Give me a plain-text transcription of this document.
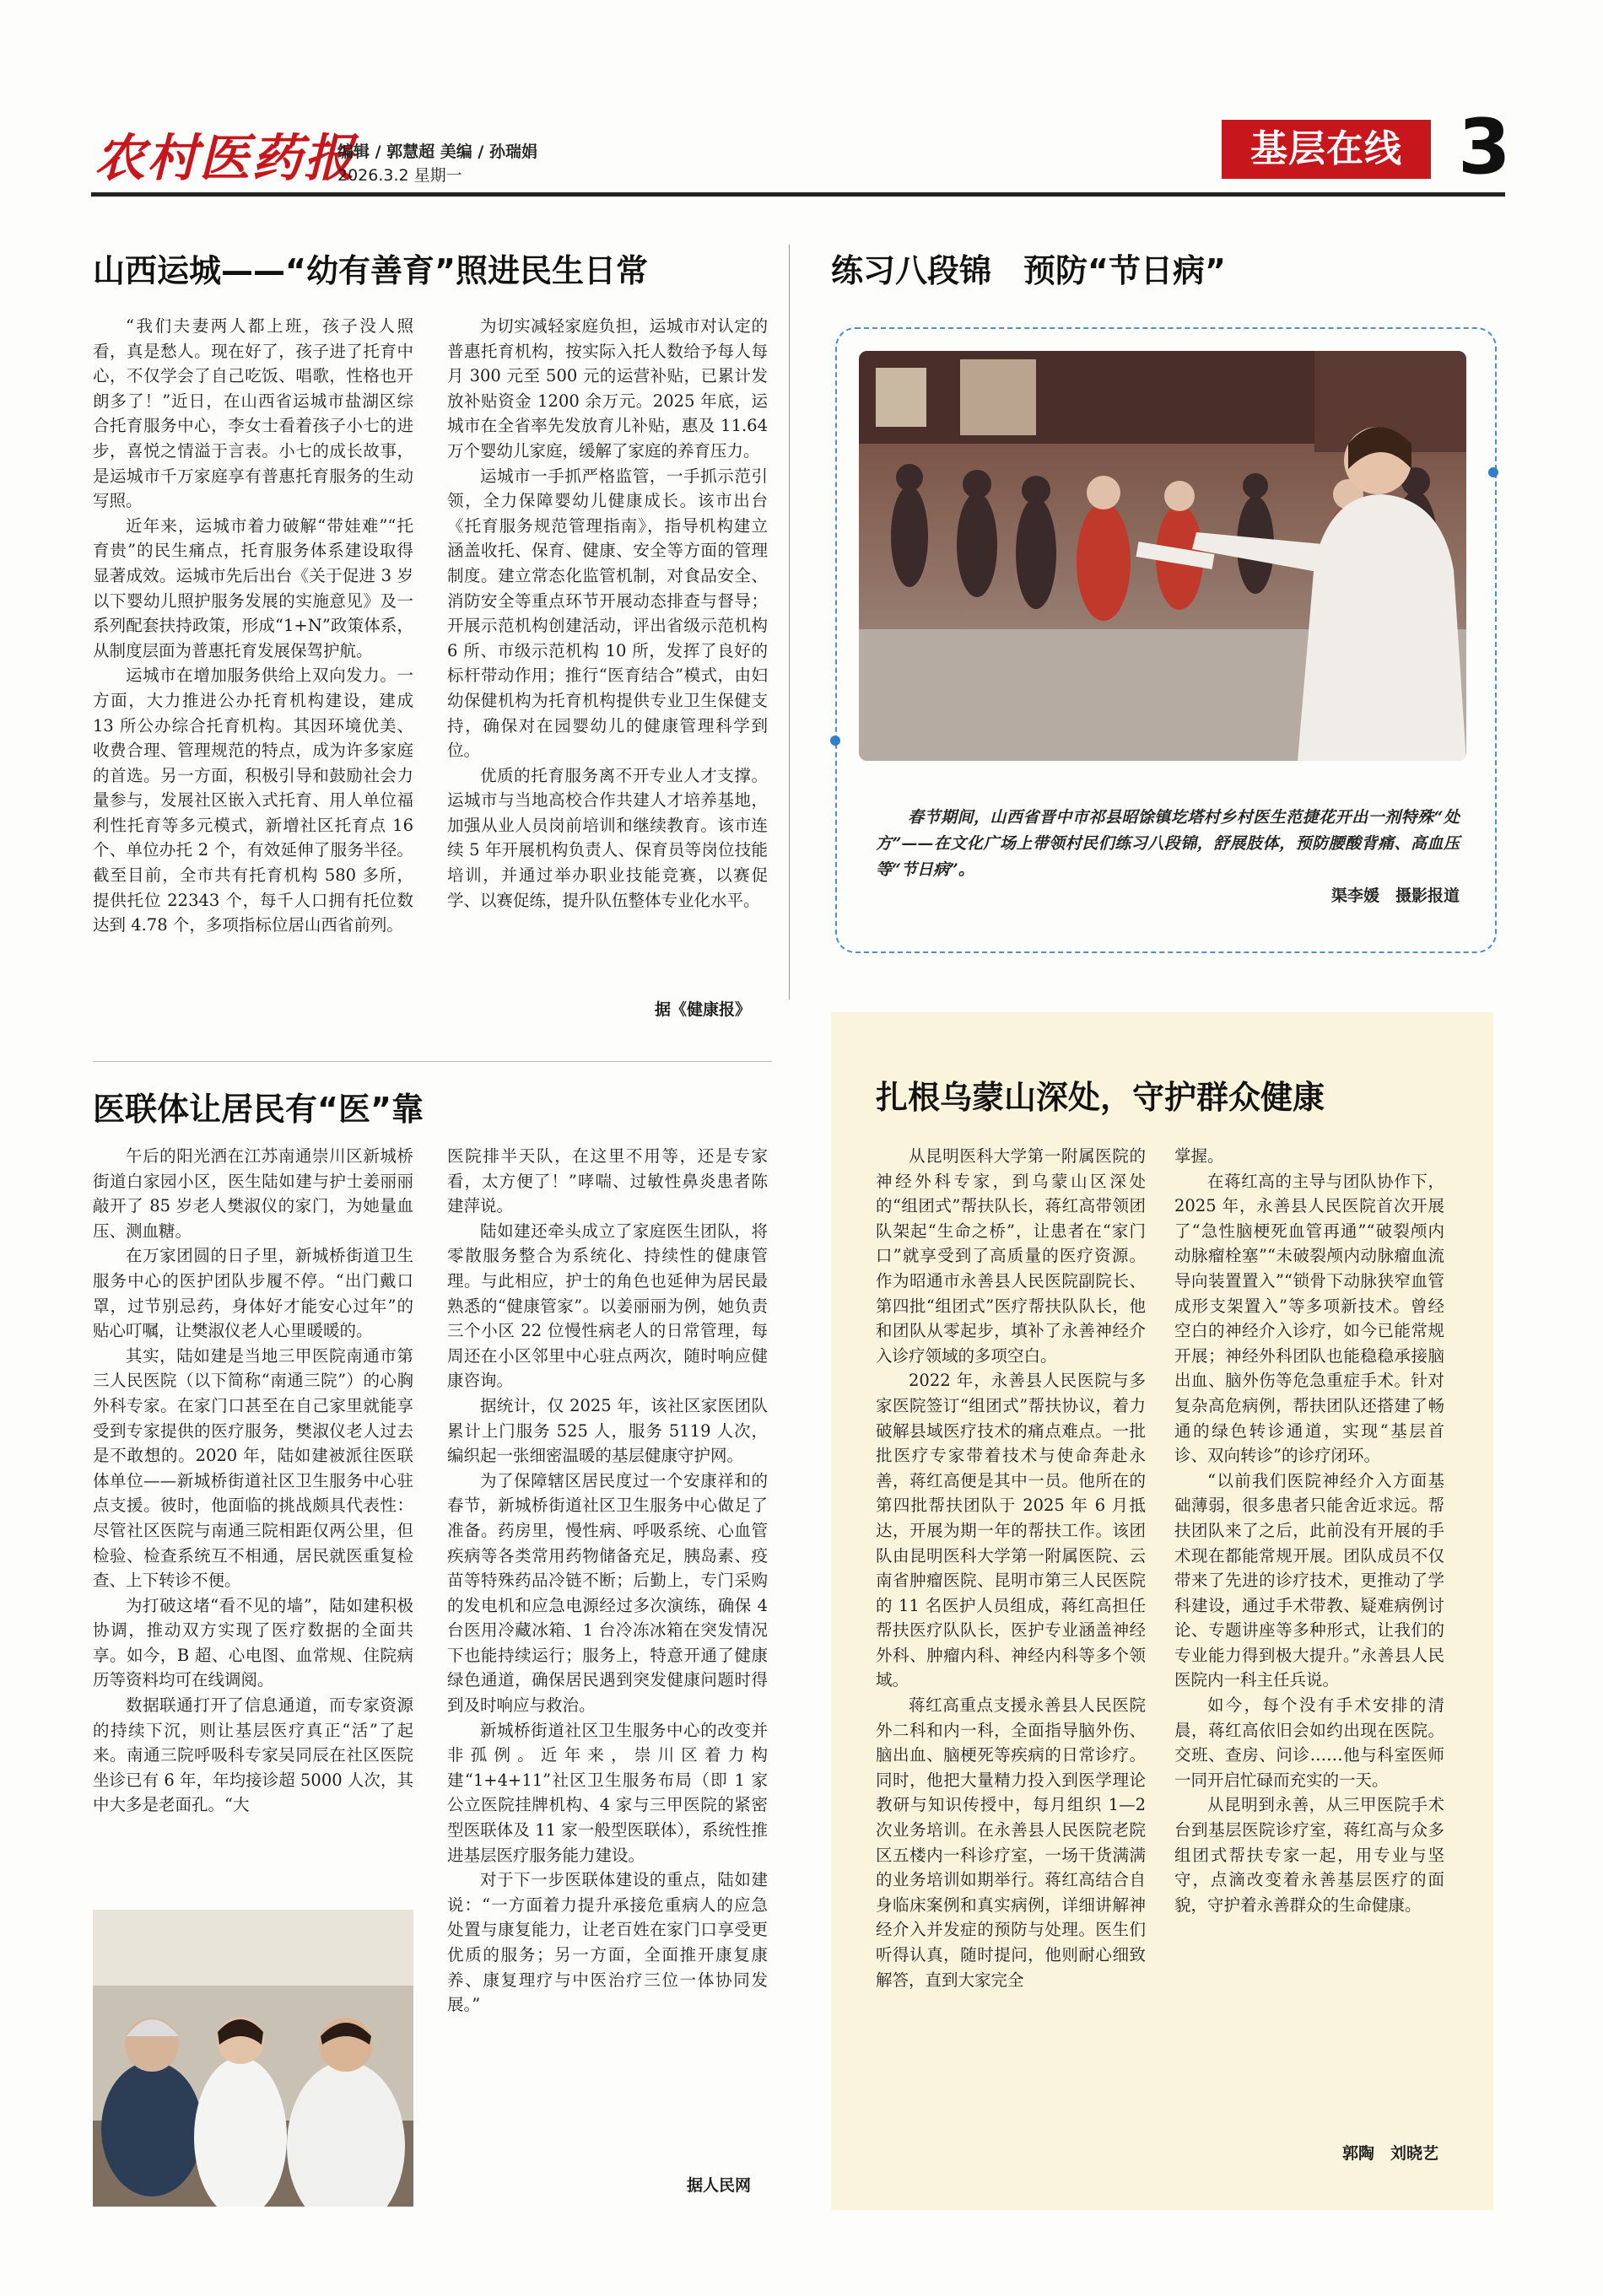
农村医药报
编辑 / 郭慧超 美编 / 孙瑞娟
2026.3.2 星期一
基层在线 3
山西运城——“幼有善育”照进民生日常

“我们夫妻两人都上班，孩子没人照看，真是愁人。现在好了，孩子进了托育中心，不仅学会了自己吃饭、唱歌，性格也开朗多了！”近日，在山西省运城市盐湖区综合托育服务中心，李女士看着孩子小七的进步，喜悦之情溢于言表。小七的成长故事，是运城市千万家庭享有普惠托育服务的生动写照。

近年来，运城市着力破解“带娃难”“托育贵”的民生痛点，托育服务体系建设取得显著成效。运城市先后出台《关于促进 3 岁以下婴幼儿照护服务发展的实施意见》及一系列配套扶持政策，形成“1+N”政策体系，从制度层面为普惠托育发展保驾护航。

运城市在增加服务供给上双向发力。一方面，大力推进公办托育机构建设，建成 13 所公办综合托育机构。其因环境优美、收费合理、管理规范的特点，成为许多家庭的首选。另一方面，积极引导和鼓励社会力量参与，发展社区嵌入式托育、用人单位福利性托育等多元模式，新增社区托育点 16 个、单位办托 2 个，有效延伸了服务半径。截至目前，全市共有托育机构 580 多所，提供托位 22343 个，每千人口拥有托位数达到 4.78 个，多项指标位居山西省前列。

为切实减轻家庭负担，运城市对认定的普惠托育机构，按实际入托人数给予每人每月 300 元至 500 元的运营补贴，已累计发放补贴资金 1200 余万元。2025 年底，运城市在全省率先发放育儿补贴，惠及 11.64 万个婴幼儿家庭，缓解了家庭的养育压力。

运城市一手抓严格监管，一手抓示范引领，全力保障婴幼儿健康成长。该市出台《托育服务规范管理指南》，指导机构建立涵盖收托、保育、健康、安全等方面的管理制度。建立常态化监管机制，对食品安全、消防安全等重点环节开展动态排查与督导；开展示范机构创建活动，评出省级示范机构 6 所、市级示范机构 10 所，发挥了良好的标杆带动作用；推行“医育结合”模式，由妇幼保健机构为托育机构提供专业卫生保健支持，确保对在园婴幼儿的健康管理科学到位。

优质的托育服务离不开专业人才支撑。运城市与当地高校合作共建人才培养基地，加强从业人员岗前培训和继续教育。该市连续 5 年开展机构负责人、保育员等岗位技能培训，并通过举办职业技能竞赛，以赛促学、以赛促练，提升队伍整体专业化水平。

据《健康报》
练习八段锦　预防“节日病”

春节期间，山西省晋中市祁县昭馀镇圪塔村乡村医生范捷花开出一剂特殊“处方”——在文化广场上带领村民们练习八段锦，舒展肢体，预防腰酸背痛、高血压等“节日病”。

渠李媛　 摄影报道
医联体让居民有“医”靠

午后的阳光洒在江苏南通崇川区新城桥街道白家园小区，医生陆如建与护士姜丽丽敲开了 85 岁老人樊淑仪的家门，为她量血压、测血糖。

在万家团圆的日子里，新城桥街道卫生服务中心的医护团队步履不停。“出门戴口罩，过节别忌药，身体好才能安心过年”的贴心叮嘱，让樊淑仪老人心里暖暖的。

其实，陆如建是当地三甲医院南通市第三人民医院（以下简称“南通三院”）的心胸外科专家。在家门口甚至在自己家里就能享受到专家提供的医疗服务，樊淑仪老人过去是不敢想的。2020 年，陆如建被派往医联体单位——新城桥街道社区卫生服务中心驻点支援。彼时，他面临的挑战颇具代表性：尽管社区医院与南通三院相距仅两公里，但检验、检查系统互不相通，居民就医重复检查、上下转诊不便。

为打破这堵“看不见的墙”，陆如建积极协调，推动双方实现了医疗数据的全面共享。如今，B 超、心电图、血常规、住院病历等资料均可在线调阅。

数据联通打开了信息通道，而专家资源的持续下沉，则让基层医疗真正“活”了起来。南通三院呼吸科专家吴同辰在社区医院坐诊已有 6 年，年均接诊超 5000 人次，其中大多是老面孔。“大

医院排半天队，在这里不用等，还是专家看，太方便了！”哮喘、过敏性鼻炎患者陈建萍说。

陆如建还牵头成立了家庭医生团队，将零散服务整合为系统化、持续性的健康管理。与此相应，护士的角色也延伸为居民最熟悉的“健康管家”。以姜丽丽为例，她负责三个小区 22 位慢性病老人的日常管理，每周还在小区邻里中心驻点两次，随时响应健康咨询。

据统计，仅 2025 年，该社区家医团队累计上门服务 525 人，服务 5119 人次，编织起一张细密温暖的基层健康守护网。

为了保障辖区居民度过一个安康祥和的春节，新城桥街道社区卫生服务中心做足了准备。药房里，慢性病、呼吸系统、心血管疾病等各类常用药物储备充足，胰岛素、疫苗等特殊药品冷链不断；后勤上，专门采购的发电机和应急电源经过多次演练，确保 4 台医用冷藏冰箱、1 台冷冻冰箱在突发情况下也能持续运行；服务上，特意开通了健康绿色通道，确保居民遇到突发健康问题时得到及时响应与救治。

新城桥街道社区卫生服务中心的改变并非孤例。近年来，崇川区着力构建“1+4+11”社区卫生服务布局（即 1 家公立医院挂牌机构、4 家与三甲医院的紧密型医联体及 11 家一般型医联体），系统性推进基层医疗服务能力建设。

对于下一步医联体建设的重点，陆如建说：“一方面着力提升承接危重病人的应急处置与康复能力，让老百姓在家门口享受更优质的服务；另一方面，全面推开康复康养、康复理疗与中医治疗三位一体协同发展。”

据人民网
扎根乌蒙山深处，守护群众健康

从昆明医科大学第一附属医院的神经外科专家，到乌蒙山区深处的“组团式”帮扶队长，蒋红高带领团队架起“生命之桥”，让患者在“家门口”就享受到了高质量的医疗资源。作为昭通市永善县人民医院副院长、第四批“组团式”医疗帮扶队队长，他和团队从零起步，填补了永善神经介入诊疗领域的多项空白。

2022 年，永善县人民医院与多家医院签订“组团式”帮扶协议，着力破解县域医疗技术的痛点难点。一批批医疗专家带着技术与使命奔赴永善，蒋红高便是其中一员。他所在的第四批帮扶团队于 2025 年 6 月抵达，开展为期一年的帮扶工作。该团队由昆明医科大学第一附属医院、云南省肿瘤医院、昆明市第三人民医院的 11 名医护人员组成，蒋红高担任帮扶医疗队队长，医护专业涵盖神经外科、肿瘤内科、神经内科等多个领域。

蒋红高重点支援永善县人民医院外二科和内一科，全面指导脑外伤、脑出血、脑梗死等疾病的日常诊疗。同时，他把大量精力投入到医学理论教研与知识传授中，每月组织 1—2 次业务培训。在永善县人民医院老院区五楼内一科诊疗室，一场干货满满的业务培训如期举行。蒋红高结合自身临床案例和真实病例，详细讲解神经介入并发症的预防与处理。医生们听得认真，随时提问，他则耐心细致解答，直到大家完全

掌握。

在蒋红高的主导与团队协作下，2025 年，永善县人民医院首次开展了“急性脑梗死血管再通”“破裂颅内动脉瘤栓塞”“未破裂颅内动脉瘤血流导向装置置入”“锁骨下动脉狭窄血管成形支架置入”等多项新技术。曾经空白的神经介入诊疗，如今已能常规开展；神经外科团队也能稳稳承接脑出血、脑外伤等危急重症手术。针对复杂高危病例，帮扶团队还搭建了畅通的绿色转诊通道，实现“基层首诊、双向转诊”的诊疗闭环。

“以前我们医院神经介入方面基础薄弱，很多患者只能舍近求远。帮扶团队来了之后，此前没有开展的手术现在都能常规开展。团队成员不仅带来了先进的诊疗技术，更推动了学科建设，通过手术带教、疑难病例讨论、专题讲座等多种形式，让我们的专业能力得到极大提升。”永善县人民医院内一科主任兵说。

如今，每个没有手术安排的清晨，蒋红高依旧会如约出现在医院。交班、查房、问诊……他与科室医师一同开启忙碌而充实的一天。

从昆明到永善，从三甲医院手术台到基层医院诊疗室，蒋红高与众多组团式帮扶专家一起，用专业与坚守，点滴改变着永善基层医疗的面貌，守护着永善群众的生命健康。

郭陶　刘晓艺
